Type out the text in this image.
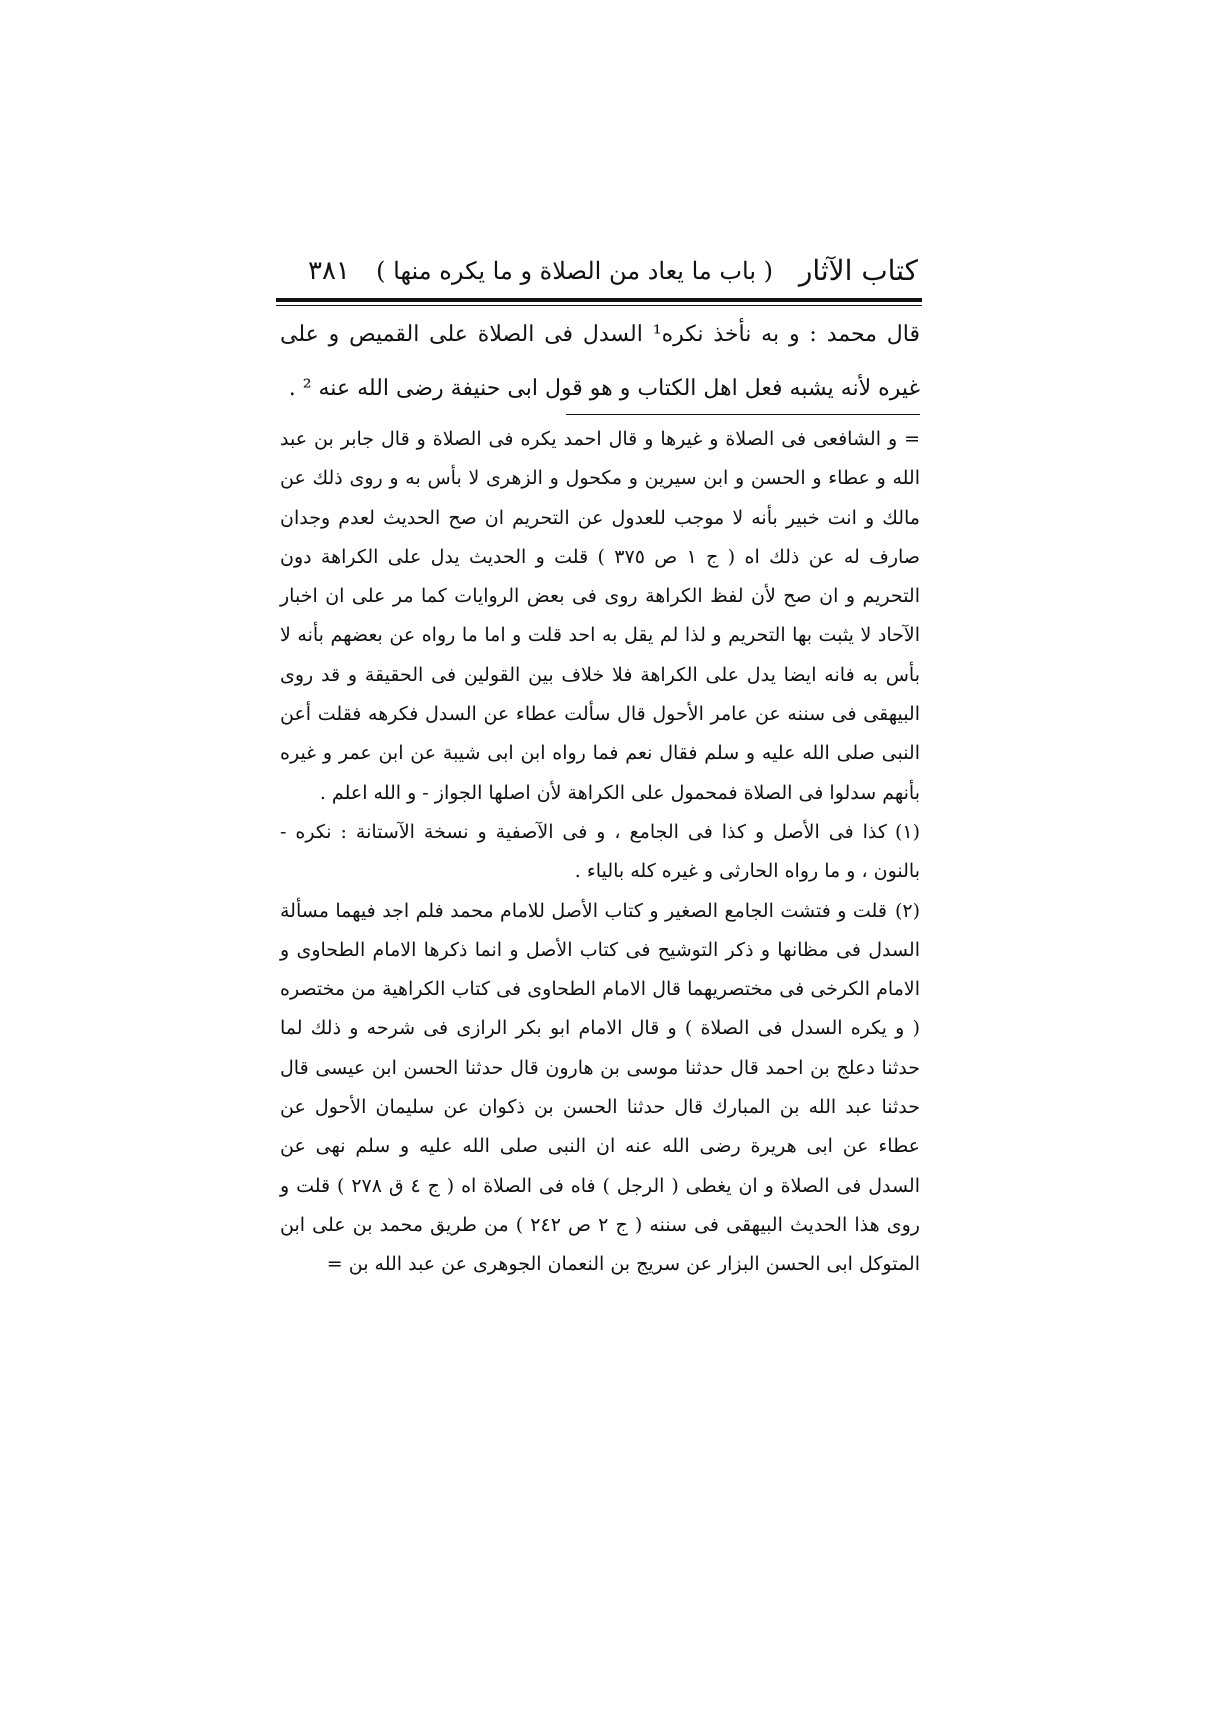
كتاب الآثار
( باب ما يعاد من الصلاة و ما يكره منها )
٣٨١

قال محمد : و به نأخذ نكره¹ السدل فى الصلاة على القميص و على غيره لأنه يشبه فعل اهل الكتاب و هو قول ابى حنيفة رضى الله عنه ² .

= و الشافعى فى الصلاة و غيرها و قال احمد يكره فى الصلاة و قال جابر بن عبد الله و عطاء و الحسن و ابن سيرين و مكحول و الزهرى لا بأس به و روى ذلك عن مالك و انت خبير بأنه لا موجب للعدول عن التحريم ان صح الحديث لعدم وجدان صارف له عن ذلك اه ( ج ١ ص ٣٧٥ ) قلت و الحديث يدل على الكراهة دون التحريم و ان صح لأن لفظ الكراهة روى فى بعض الروايات كما مر على ان اخبار الآحاد لا يثبت بها التحريم و لذا لم يقل به احد قلت و اما ما رواه عن بعضهم بأنه لا بأس به فانه ايضا يدل على الكراهة فلا خلاف بين القولين فى الحقيقة و قد روى البيهقى فى سننه عن عامر الأحول قال سألت عطاء عن السدل فكرهه فقلت أعن النبى صلى الله عليه و سلم فقال نعم فما رواه ابن ابى شيبة عن ابن عمر و غيره بأنهم سدلوا فى الصلاة فمحمول على الكراهة لأن اصلها الجواز - و الله اعلم .

(١)كذا فى الأصل و كذا فى الجامع ، و فى الآصفية و نسخة الآستانة : نكره - بالنون ، و ما رواه الحارثى و غيره كله بالياء .

(٢)قلت و فتشت الجامع الصغير و كتاب الأصل للامام محمد فلم اجد فيهما مسألة السدل فى مظانها و ذكر التوشيح فى كتاب الأصل و انما ذكرها الامام الطحاوى و الامام الكرخى فى مختصريهما قال الامام الطحاوى فى كتاب الكراهية من مختصره ( و يكره السدل فى الصلاة ) و قال الامام ابو بكر الرازى فى شرحه و ذلك لما حدثنا دعلج بن احمد قال حدثنا موسى بن هارون قال حدثنا الحسن ابن عيسى قال حدثنا عبد الله بن المبارك قال حدثنا الحسن بن ذكوان عن سليمان الأحول عن عطاء عن ابى هريرة رضى الله عنه ان النبى صلى الله عليه و سلم نهى عن السدل فى الصلاة و ان يغطى ( الرجل ) فاه فى الصلاة اه ( ج ٤ ق ٢٧٨ ) قلت و روى هذا الحديث البيهقى فى سننه ( ج ٢ ص ٢٤٢ ) من طريق محمد بن على ابن المتوكل ابى الحسن البزار عن سريج بن النعمان الجوهرى عن عبد الله بن =
